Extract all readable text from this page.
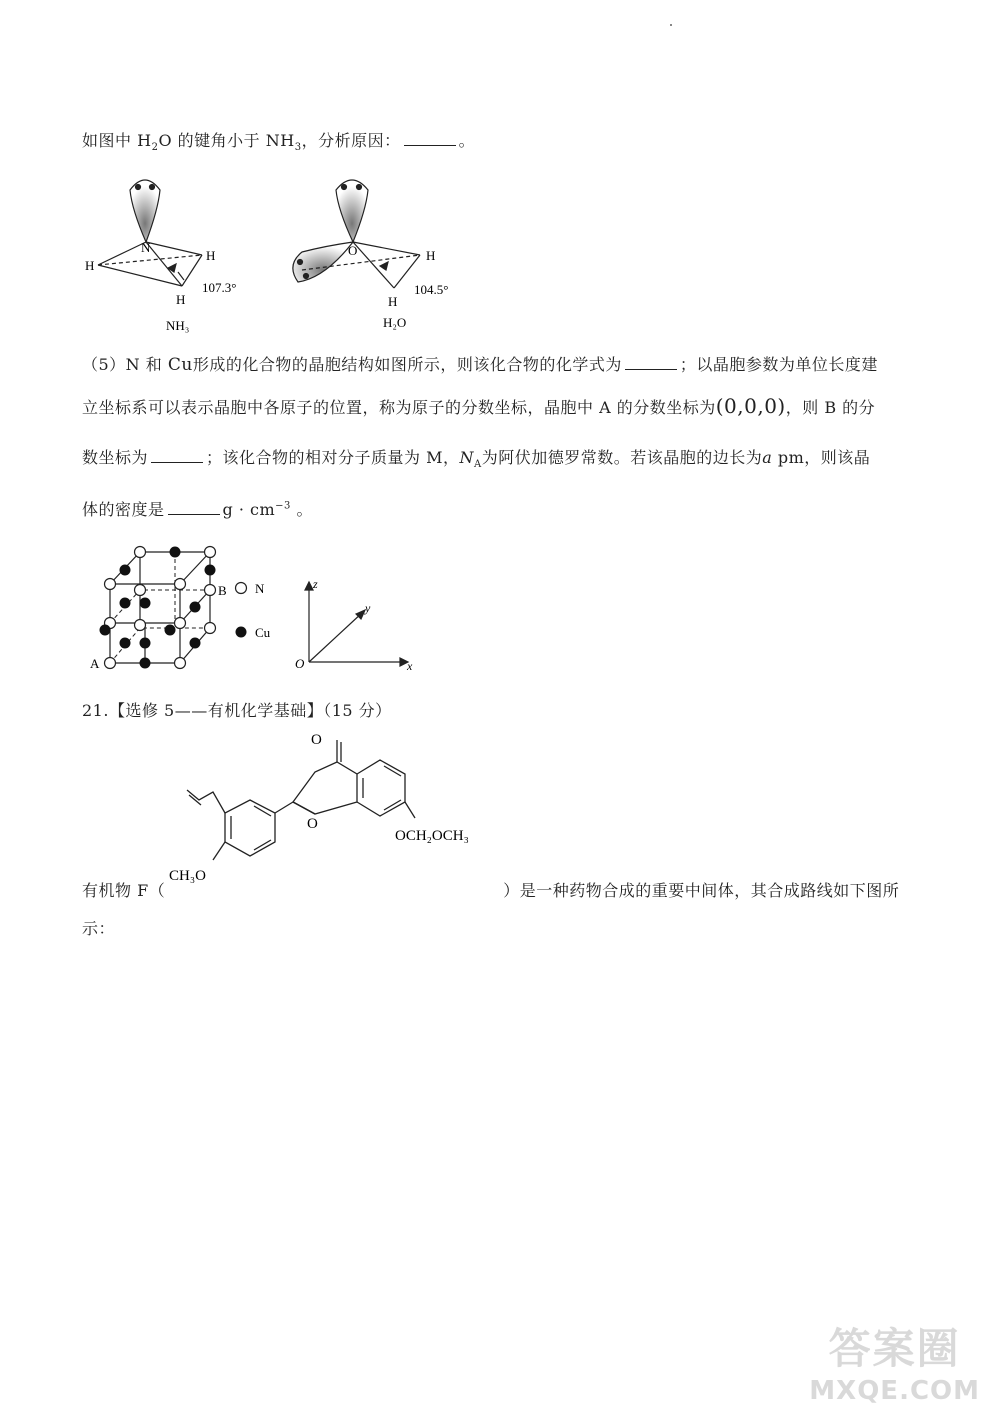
如图中 $H_2O$ 的键角小于 $NH_3$，分析原因：	。
N
H
H
H
107.3°
NH₃
O	H
H
104.5°
H₂O
（5）N 和 Cu形成的化合物的晶胞结构如图所示，则该化合物的化学式为	；以晶胞参数为单位长度建
立坐标系可以表示晶胞中各原子的位置，称为原子的分数坐标，晶胞中 A 的分数坐标为(0,0,0)，则 B 的分
数坐标为	；该化合物的相对分子质量为 M，$N_A$为阿伏加德罗常数。若该晶胞的边长为a pm，则该晶
体的密度是	$g \cdot cm^{-3}$ 。
A
B N
Cu
O	x
y
z
21.【选修 5——有机化学基础】（15 分）
O
O
OCH₂OCH₃
CH₃O
有机物 F（	）是一种药物合成的重要中间体，其合成路线如下图所
示：
答案圈
MXQE.COM
